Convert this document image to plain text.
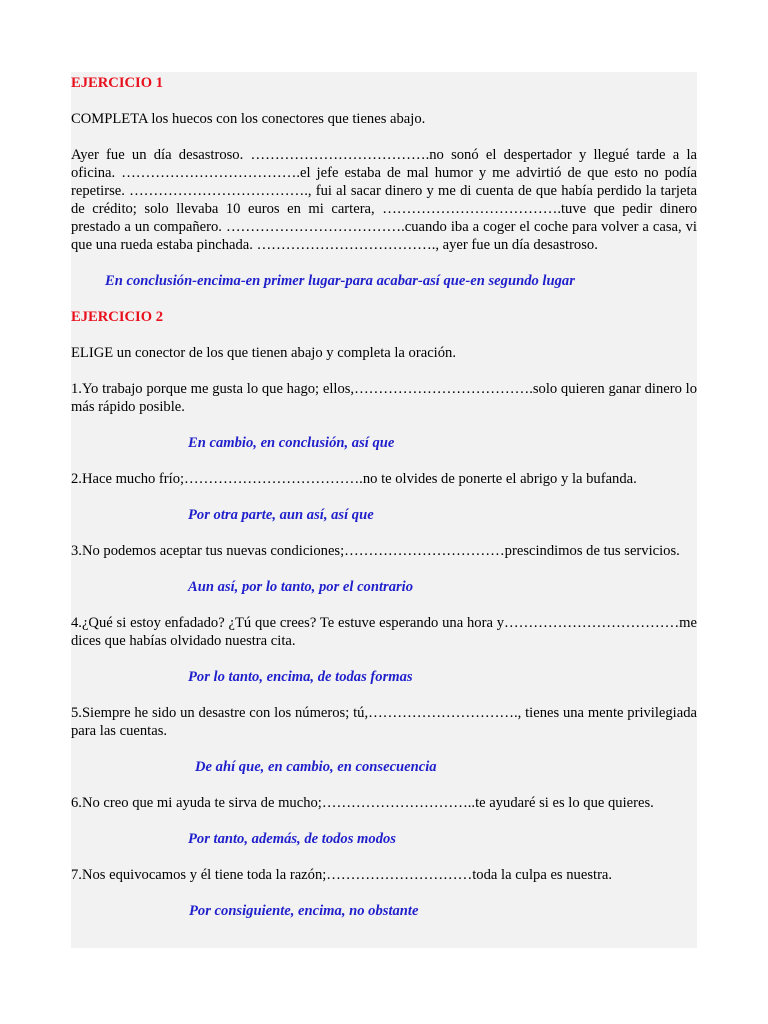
EJERCICIO 1
COMPLETA los huecos con los conectores que tienes abajo.
Ayer fue un día desastroso. ……………………………….no sonó el despertador y llegué tarde a la oficina. ……………………………….el jefe estaba de mal humor y me advirtió de que esto no podía repetirse. ………………………………., fui al sacar dinero y me di cuenta de que había perdido la tarjeta de crédito; solo llevaba 10 euros en mi cartera, ……………………………….tuve que pedir dinero prestado a un compañero. ……………………………….cuando iba a coger el coche para volver a casa, vi que una rueda estaba pinchada. ………………………………., ayer fue un día desastroso.
En conclusión-encima-en primer lugar-para acabar-así que-en segundo lugar
EJERCICIO 2
ELIGE un conector de los que tienen abajo y completa la oración.
1.Yo trabajo porque me gusta lo que hago; ellos,……………………………….solo quieren ganar dinero lo más rápido posible.
En cambio, en conclusión, así que
2.Hace mucho frío;……………………………….no te olvides de ponerte el abrigo y la bufanda.
Por otra parte, aun así, así que
3.No podemos aceptar tus nuevas condiciones;……………………………prescindimos de tus servicios.
Aun así, por lo tanto, por el contrario
4.¿Qué si estoy enfadado? ¿Tú que crees? Te estuve esperando una hora y………………………………me dices que habías olvidado nuestra cita.
Por lo tanto, encima, de todas formas
5.Siempre he sido un desastre con los números; tú,…………………………., tienes una mente privilegiada para las cuentas.
De ahí que, en cambio, en consecuencia
6.No creo que mi ayuda te sirva de mucho;…………………………..te ayudaré si es lo que quieres.
Por tanto, además, de todos modos
7.Nos equivocamos y él tiene toda la razón;…………………………toda la culpa es nuestra.
Por consiguiente, encima, no obstante
